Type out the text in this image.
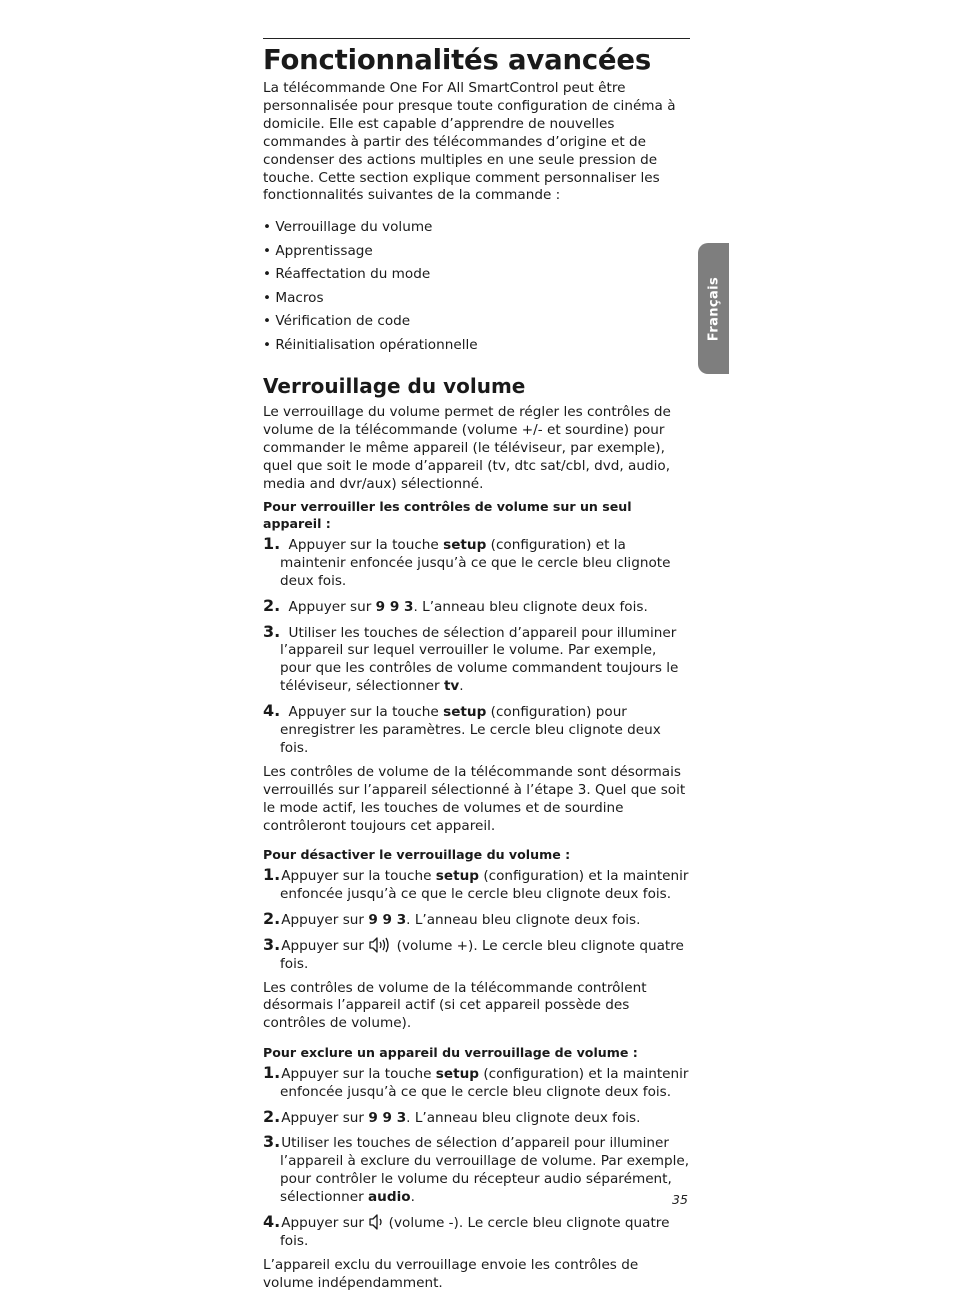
Fonctionnalités avancées

La télécommande One For All SmartControl peut être personnalisée pour presque toute configuration de cinéma à domicile. Elle est capable d’apprendre de nouvelles commandes à partir des télécommandes d’origine et de condenser des actions multiples en une seule pression de touche. Cette section explique comment personnaliser les fonctionnalités suivantes de la commande :

• Verrouillage du volume
• Apprentissage
• Réaffectation du mode
• Macros
• Vérification de code
• Réinitialisation opérationnelle
Verrouillage du volume

Le verrouillage du volume permet de régler les contrôles de volume de la télécommande (volume +/- et sourdine) pour commander le même appareil (le téléviseur, par exemple), quel que soit le mode d’appareil (tv, dtc sat/cbl, dvd, audio, media and dvr/aux) sélectionné.

Pour verrouiller les contrôles de volume sur un seul appareil :

1. Appuyer sur la touche setup (configuration) et la maintenir enfoncée jusqu’à ce que le cercle bleu clignote deux fois.
2. Appuyer sur 9 9 3. L’anneau bleu clignote deux fois.
3. Utiliser les touches de sélection d’appareil pour illuminer l’appareil sur lequel verrouiller le volume. Par exemple, pour que les contrôles de volume commandent toujours le téléviseur, sélectionner tv.
4. Appuyer sur la touche setup (configuration) pour enregistrer les paramètres. Le cercle bleu clignote deux fois.

Les contrôles de volume de la télécommande sont désormais verrouillés sur l’appareil sélectionné à l’étape 3. Quel que soit le mode actif, les touches de volumes et de sourdine contrôleront toujours cet appareil.

Pour désactiver le verrouillage du volume :

1.Appuyer sur la touche setup (configuration) et la maintenir enfoncée jusqu’à ce que le cercle bleu clignote deux fois.
2.Appuyer sur 9 9 3. L’anneau bleu clignote deux fois.
3.Appuyer sur  (volume +). Le cercle bleu clignote quatre fois.

Les contrôles de volume de la télécommande contrôlent désormais l’appareil actif (si cet appareil possède des contrôles de volume).

Pour exclure un appareil du verrouillage de volume :

1.Appuyer sur la touche setup (configuration) et la maintenir enfoncée jusqu’à ce que le cercle bleu clignote deux fois.
2.Appuyer sur 9 9 3. L’anneau bleu clignote deux fois.
3.Utiliser les touches de sélection d’appareil pour illuminer l’appareil à exclure du verrouillage de volume. Par exemple, pour contrôler le volume du récepteur audio séparément, sélectionner audio.
4.Appuyer sur  (volume -). Le cercle bleu clignote quatre fois.

L’appareil exclu du verrouillage envoie les contrôles de volume indépendamment.

Français
35
